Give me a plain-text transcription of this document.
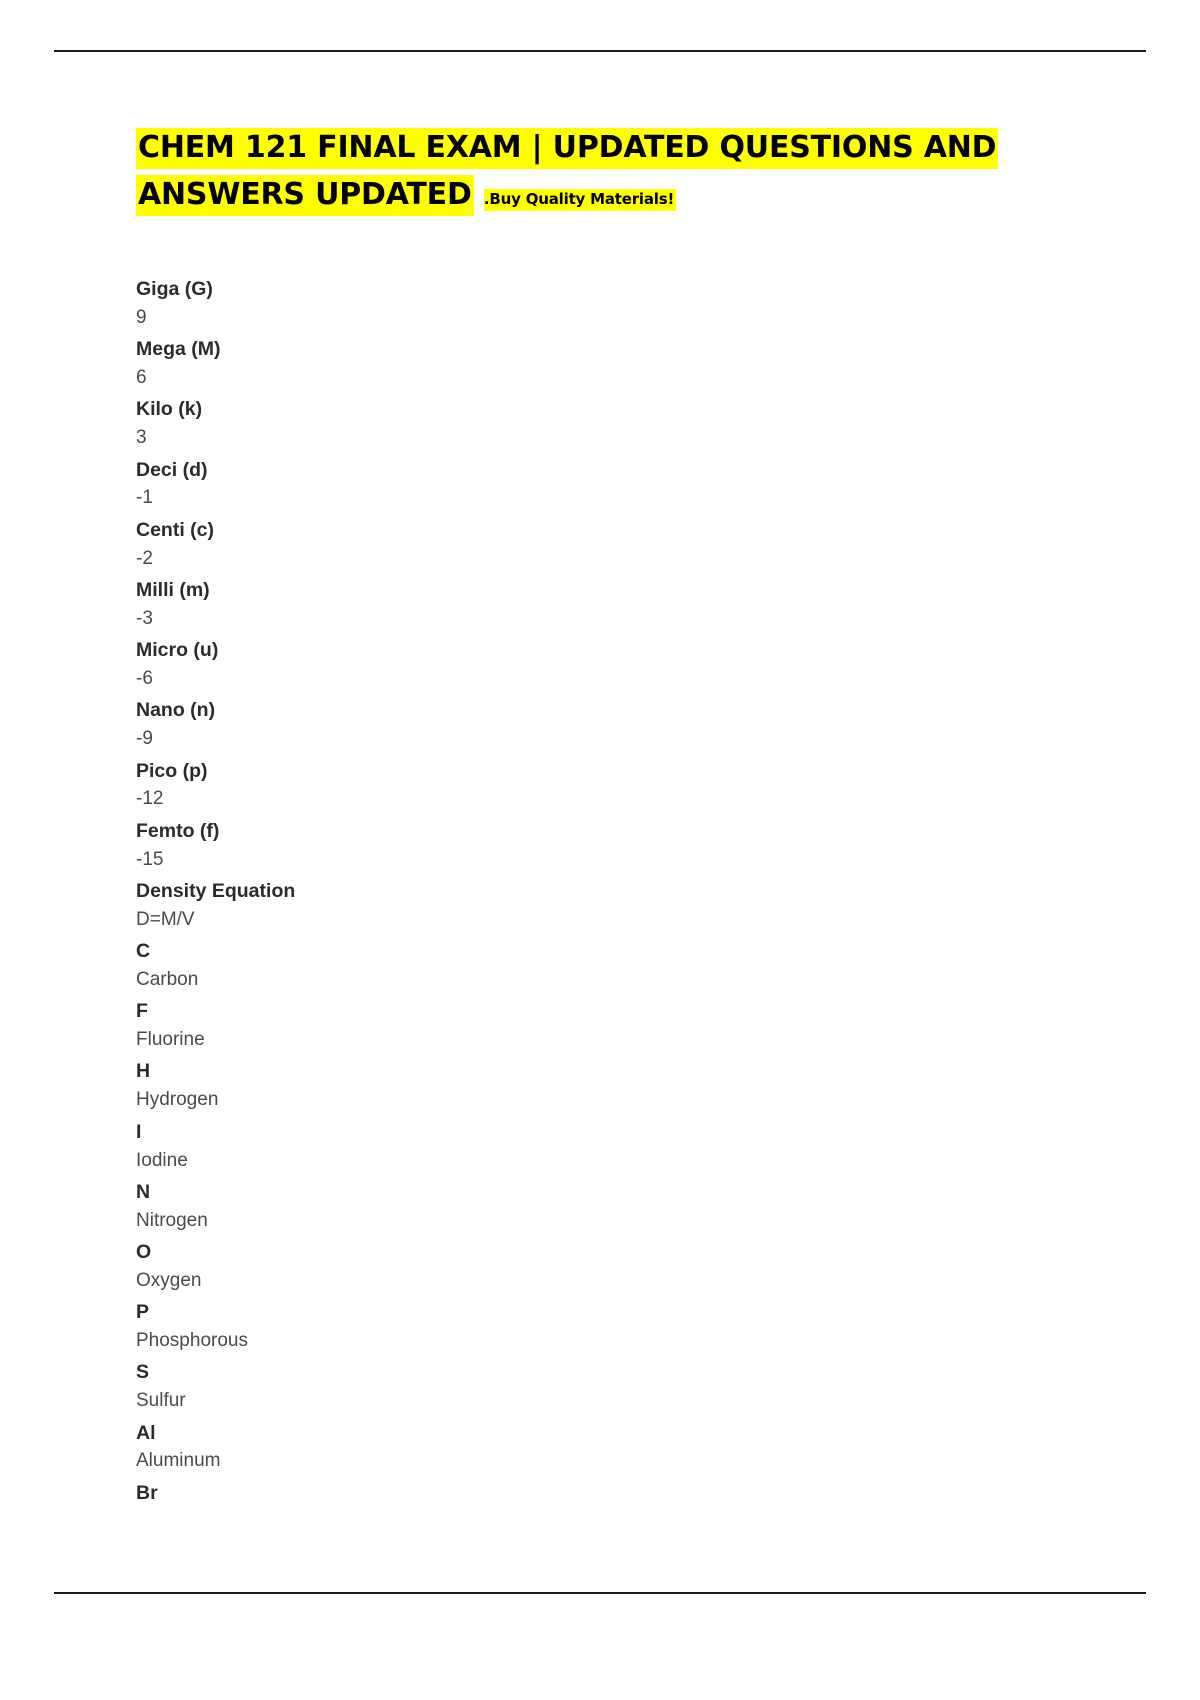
CHEM 121 FINAL EXAM | UPDATED QUESTIONS AND ANSWERS UPDATED .Buy Quality Materials!

Giga (G)

9

Mega (M)

6

Kilo (k)

3

Deci (d)

-1

Centi (c)

-2

Milli (m)

-3

Micro (u)

-6

Nano (n)

-9

Pico (p)

-12

Femto (f)

-15

Density Equation

D=M/V

C

Carbon

F

Fluorine

H

Hydrogen

I

Iodine

N

Nitrogen

O

Oxygen

P

Phosphorous

S

Sulfur

Al

Aluminum

Br
